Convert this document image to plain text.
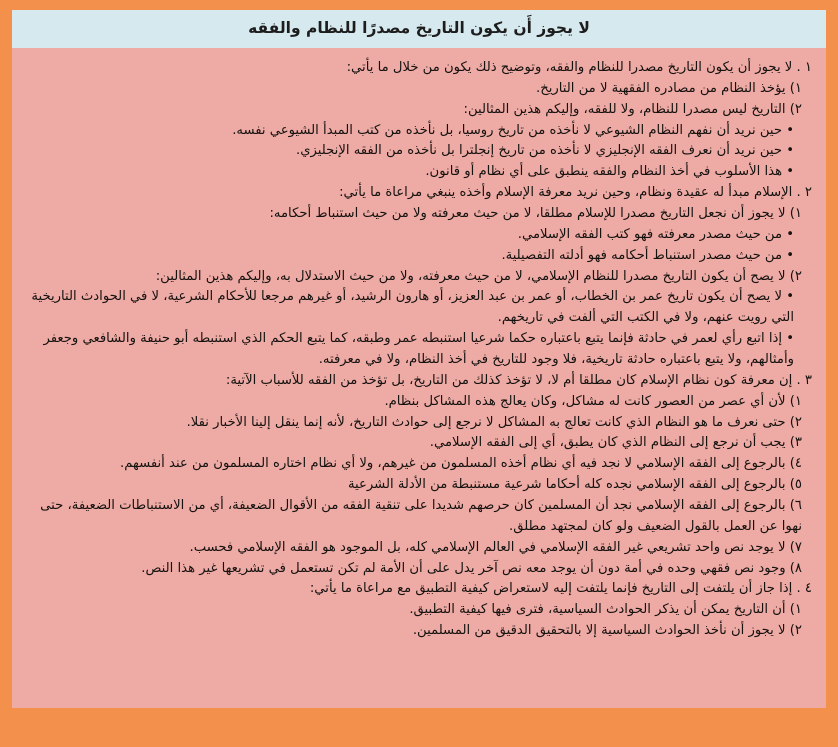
لا يجوز أَن يكون التاريخ مصدرًا للنظام والفقه
١ . لا يجوز أن يكون التاريخ مصدرا للنظام والفقه، وتوضيح ذلك يكون من خلال ما يأتي:
١) يؤخذ النظام من مصادره الفقهية لا من التاريخ.
٢) التاريخ ليس مصدرا للنظام، ولا للفقه، وإليكم هذين المثالين:
• حين نريد أن نفهم النظام الشيوعي لا نأخذه من تاريخ روسيا، بل نأخذه من كتب المبدأ الشيوعي نفسه.
• حين نريد أن نعرف الفقه الإنجليزي لا نأخذه من تاريخ إنجلترا بل نأخذه من الفقه الإنجليزي.
• هذا الأسلوب في أخذ النظام والفقه ينطبق على أي نظام أو قانون.
٢ . الإسلام مبدأ له عقيدة ونظام، وحين نريد معرفة الإسلام وأخذه ينبغي مراعاة ما يأتي:
١) لا يجوز أن نجعل التاريخ مصدرا للإسلام مطلقا، لا من حيث معرفته ولا من حيث استنباط أحكامه:
• من حيث مصدر معرفته فهو كتب الفقه الإسلامي.
• من حيث مصدر استنباط أحكامه فهو أدلته التفصيلية.
٢) لا يصح أن يكون التاريخ مصدرا للنظام الإسلامي، لا من حيث معرفته، ولا من حيث الاستدلال به، وإليكم هذين المثالين:
• لا يصح أن يكون تاريخ عمر بن الخطاب، أو عمر بن عبد العزيز، أو هارون الرشيد، أو غيرهم مرجعا للأحكام الشرعية، لا في الحوادث التاريخية التي رويت عنهم، ولا في الكتب التي ألفت في تاريخهم.
• إذا اتبع رأي لعمر في حادثة فإنما يتبع باعتباره حكما شرعيا استنبطه عمر وطبقه، كما يتبع الحكم الذي استنبطه أبو حنيفة والشافعي وجعفر وأمثالهم، ولا يتبع باعتباره حادثة تاريخية، فلا وجود للتاريخ في أخذ النظام، ولا في معرفته.
٣ . إن معرفة كون نظام الإسلام كان مطلقا أم لا، لا تؤخذ كذلك من التاريخ، بل تؤخذ من الفقه للأسباب الآتية:
١) لأن أي عصر من العصور كانت له مشاكل، وكان يعالج هذه المشاكل بنظام.
٢) حتى نعرف ما هو النظام الذي كانت تعالج به المشاكل لا نرجع إلى حوادث التاريخ، لأنه إنما ينقل إلينا الأخبار نقلا.
٣) يجب أن نرجع إلى النظام الذي كان يطبق، أي إلى الفقه الإسلامي.
٤) بالرجوع إلى الفقه الإسلامي لا نجد فيه أي نظام أخذه المسلمون من غيرهم، ولا أي نظام اختاره المسلمون من عند أنفسهم.
٥) بالرجوع إلى الفقه الإسلامي نجده كله أحكاما شرعية مستنبطة من الأدلة الشرعية
٦) بالرجوع إلى الفقه الإسلامي نجد أن المسلمين كان حرصهم شديدا على تنقية الفقه من الأقوال الضعيفة، أي من الاستنباطات الضعيفة، حتى نهوا عن العمل بالقول الضعيف ولو كان لمجتهد مطلق.
٧) لا يوجد نص واحد تشريعي غير الفقه الإسلامي في العالم الإسلامي كله، بل الموجود هو الفقه الإسلامي فحسب.
٨) وجود نص فقهي وحده في أمة دون أن يوجد معه نص آخر يدل على أن الأمة لم تكن تستعمل في تشريعها غير هذا النص.
٤ . إذا جاز أن يلتفت إلى التاريخ فإنما يلتفت إليه لاستعراض كيفية التطبيق مع مراعاة ما يأتي:
١) أن التاريخ يمكن أن يذكر الحوادث السياسية، فترى فيها كيفية التطبيق.
٢) لا يجوز أن نأخذ الحوادث السياسية إلا بالتحقيق الدقيق من المسلمين.
